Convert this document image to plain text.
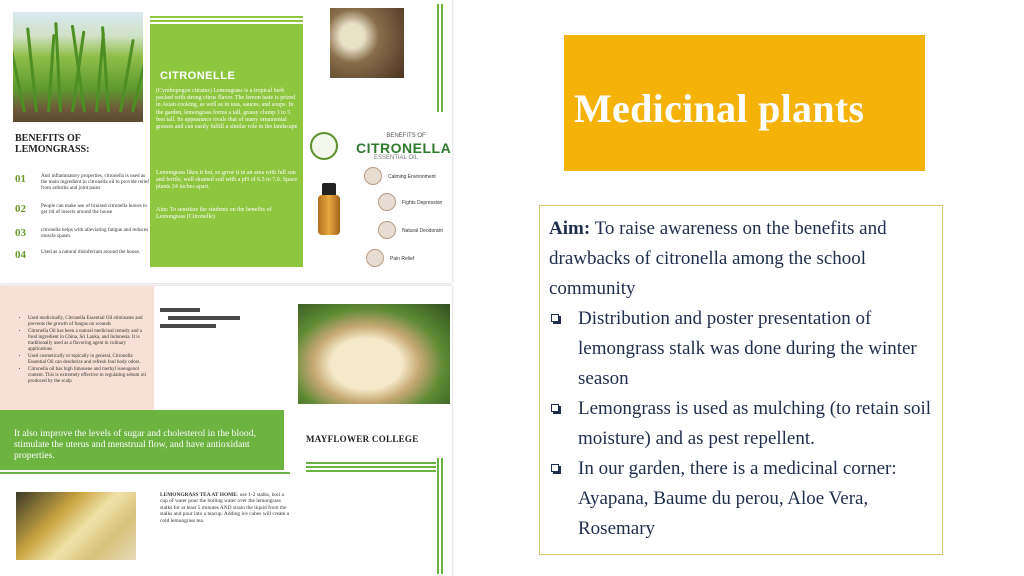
BENEFITS OF LEMONGRASS:
01	Anti inflammatory properties, citronella is used as the main ingredient in citronella oil to provide relief from arthritis and joint pains
02	People can make use of bruised citronella leaves to get rid of insects around the house
03	citronella helps with alleviating fatigue and reduces muscle spasm.
04	Used as a natural disinfectant around the house.
CITRONELLE
(Cymbopogon citratus) Lemongrass is a tropical herb packed with strong citrus flavor. The lemon taste is prized in Asian cooking, as well as in teas, sauces, and soups. In the garden, lemongrass forms a tall, grassy clump 3 to 5 feet tall. Its appearance rivals that of many ornamental grasses and can easily fulfill a similar role in the landscape
Lemongrass likes it hot, so grow it in an area with full sun and fertile, well-drained soil with a pH of 6.5 to 7.0. Space plants 24 inches apart.
Aim: To sensitize the students on the benefits of Lemongrass (Citronelle)
BENEFITS OF
CITRONELLA
ESSENTIAL OIL
Calming Environment
Fights Depression
Natural Deodorant
Pain Relief
• Used medicinally, Citronella Essential Oil eliminates and prevents the growth of fungus on wounds
• Citronella Oil has been a natural medicinal remedy and a food ingredient in China, Sri Lanka, and Indonesia. It is traditionally used as a flavoring agent in culinary applications
• Used cosmetically or topically in general, Citronella Essential Oil can deodorize and refresh foul body odors.
• Citronella oil has high limonene and methyl isoeugenol content. This is extremely effective in regulating sebum oil produced by the scalp
It also improve the levels of sugar and cholesterol in the blood, stimulate the uterus and menstrual flow, and have antioxidant properties.
MAYFLOWER COLLEGE
LEMONGRASS TEA AT HOME: use 1-2 stalks, boil a cup of water pour the boiling water over the lemongrass stalks for at least 5 minutes AND strain the liquid from the stalks and pour into a teacup. Adding ice cubes will create a cold lemongrass tea.
Medicinal plants
Aim: To raise awareness on the benefits and drawbacks of citronella among the school community
Distribution and poster presentation of lemongrass stalk was done during the winter season
Lemongrass is used as mulching (to retain soil moisture) and as pest repellent.
In our garden, there is a medicinal corner: Ayapana, Baume du perou, Aloe Vera, Rosemary
